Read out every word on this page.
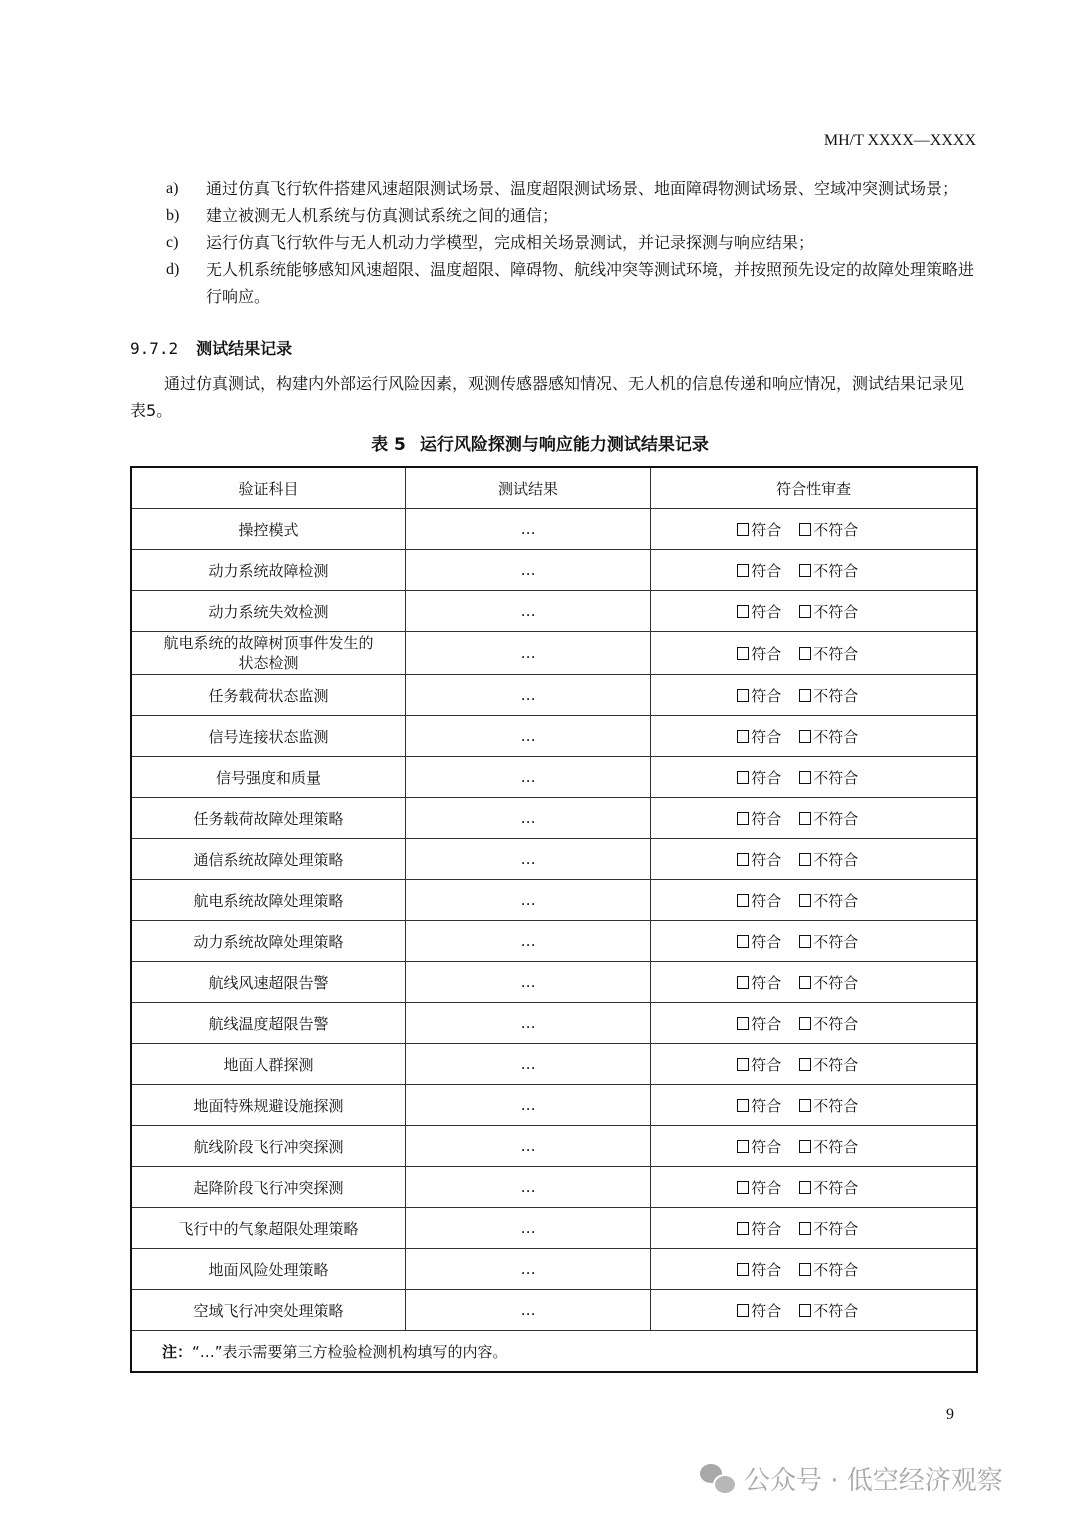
MH/T XXXX—XXXX
a)	通过仿真飞行软件搭建风速超限测试场景、温度超限测试场景、地面障碍物测试场景、空域冲突测试场景；
b)	建立被测无人机系统与仿真测试系统之间的通信；
c)	运行仿真飞行软件与无人机动力学模型，完成相关场景测试，并记录探测与响应结果；
d)	无人机系统能够感知风速超限、温度超限、障碍物、航线冲突等测试环境，并按照预先设定的故障处理策略进行响应。
9.7.2 测试结果记录
通过仿真测试，构建内外部运行风险因素，观测传感器感知情况、无人机的信息传递和响应情况，测试结果记录见表5。
表 5 运行风险探测与响应能力测试结果记录
验证科目	测试结果	符合性审查
操控模式	…	符合 不符合
动力系统故障检测	…	符合 不符合
动力系统失效检测	…	符合 不符合
航电系统的故障树顶事件发生的状态检测	…	符合 不符合
任务载荷状态监测	…	符合 不符合
信号连接状态监测	…	符合 不符合
信号强度和质量	…	符合 不符合
任务载荷故障处理策略	…	符合 不符合
通信系统故障处理策略	…	符合 不符合
航电系统故障处理策略	…	符合 不符合
动力系统故障处理策略	…	符合 不符合
航线风速超限告警	…	符合 不符合
航线温度超限告警	…	符合 不符合
地面人群探测	…	符合 不符合
地面特殊规避设施探测	…	符合 不符合
航线阶段飞行冲突探测	…	符合 不符合
起降阶段飞行冲突探测	…	符合 不符合
飞行中的气象超限处理策略	…	符合 不符合
地面风险处理策略	…	符合 不符合
空域飞行冲突处理策略	…	符合 不符合
注：“…”表示需要第三方检验检测机构填写的内容。		
9
公众号 · 低空经济观察
